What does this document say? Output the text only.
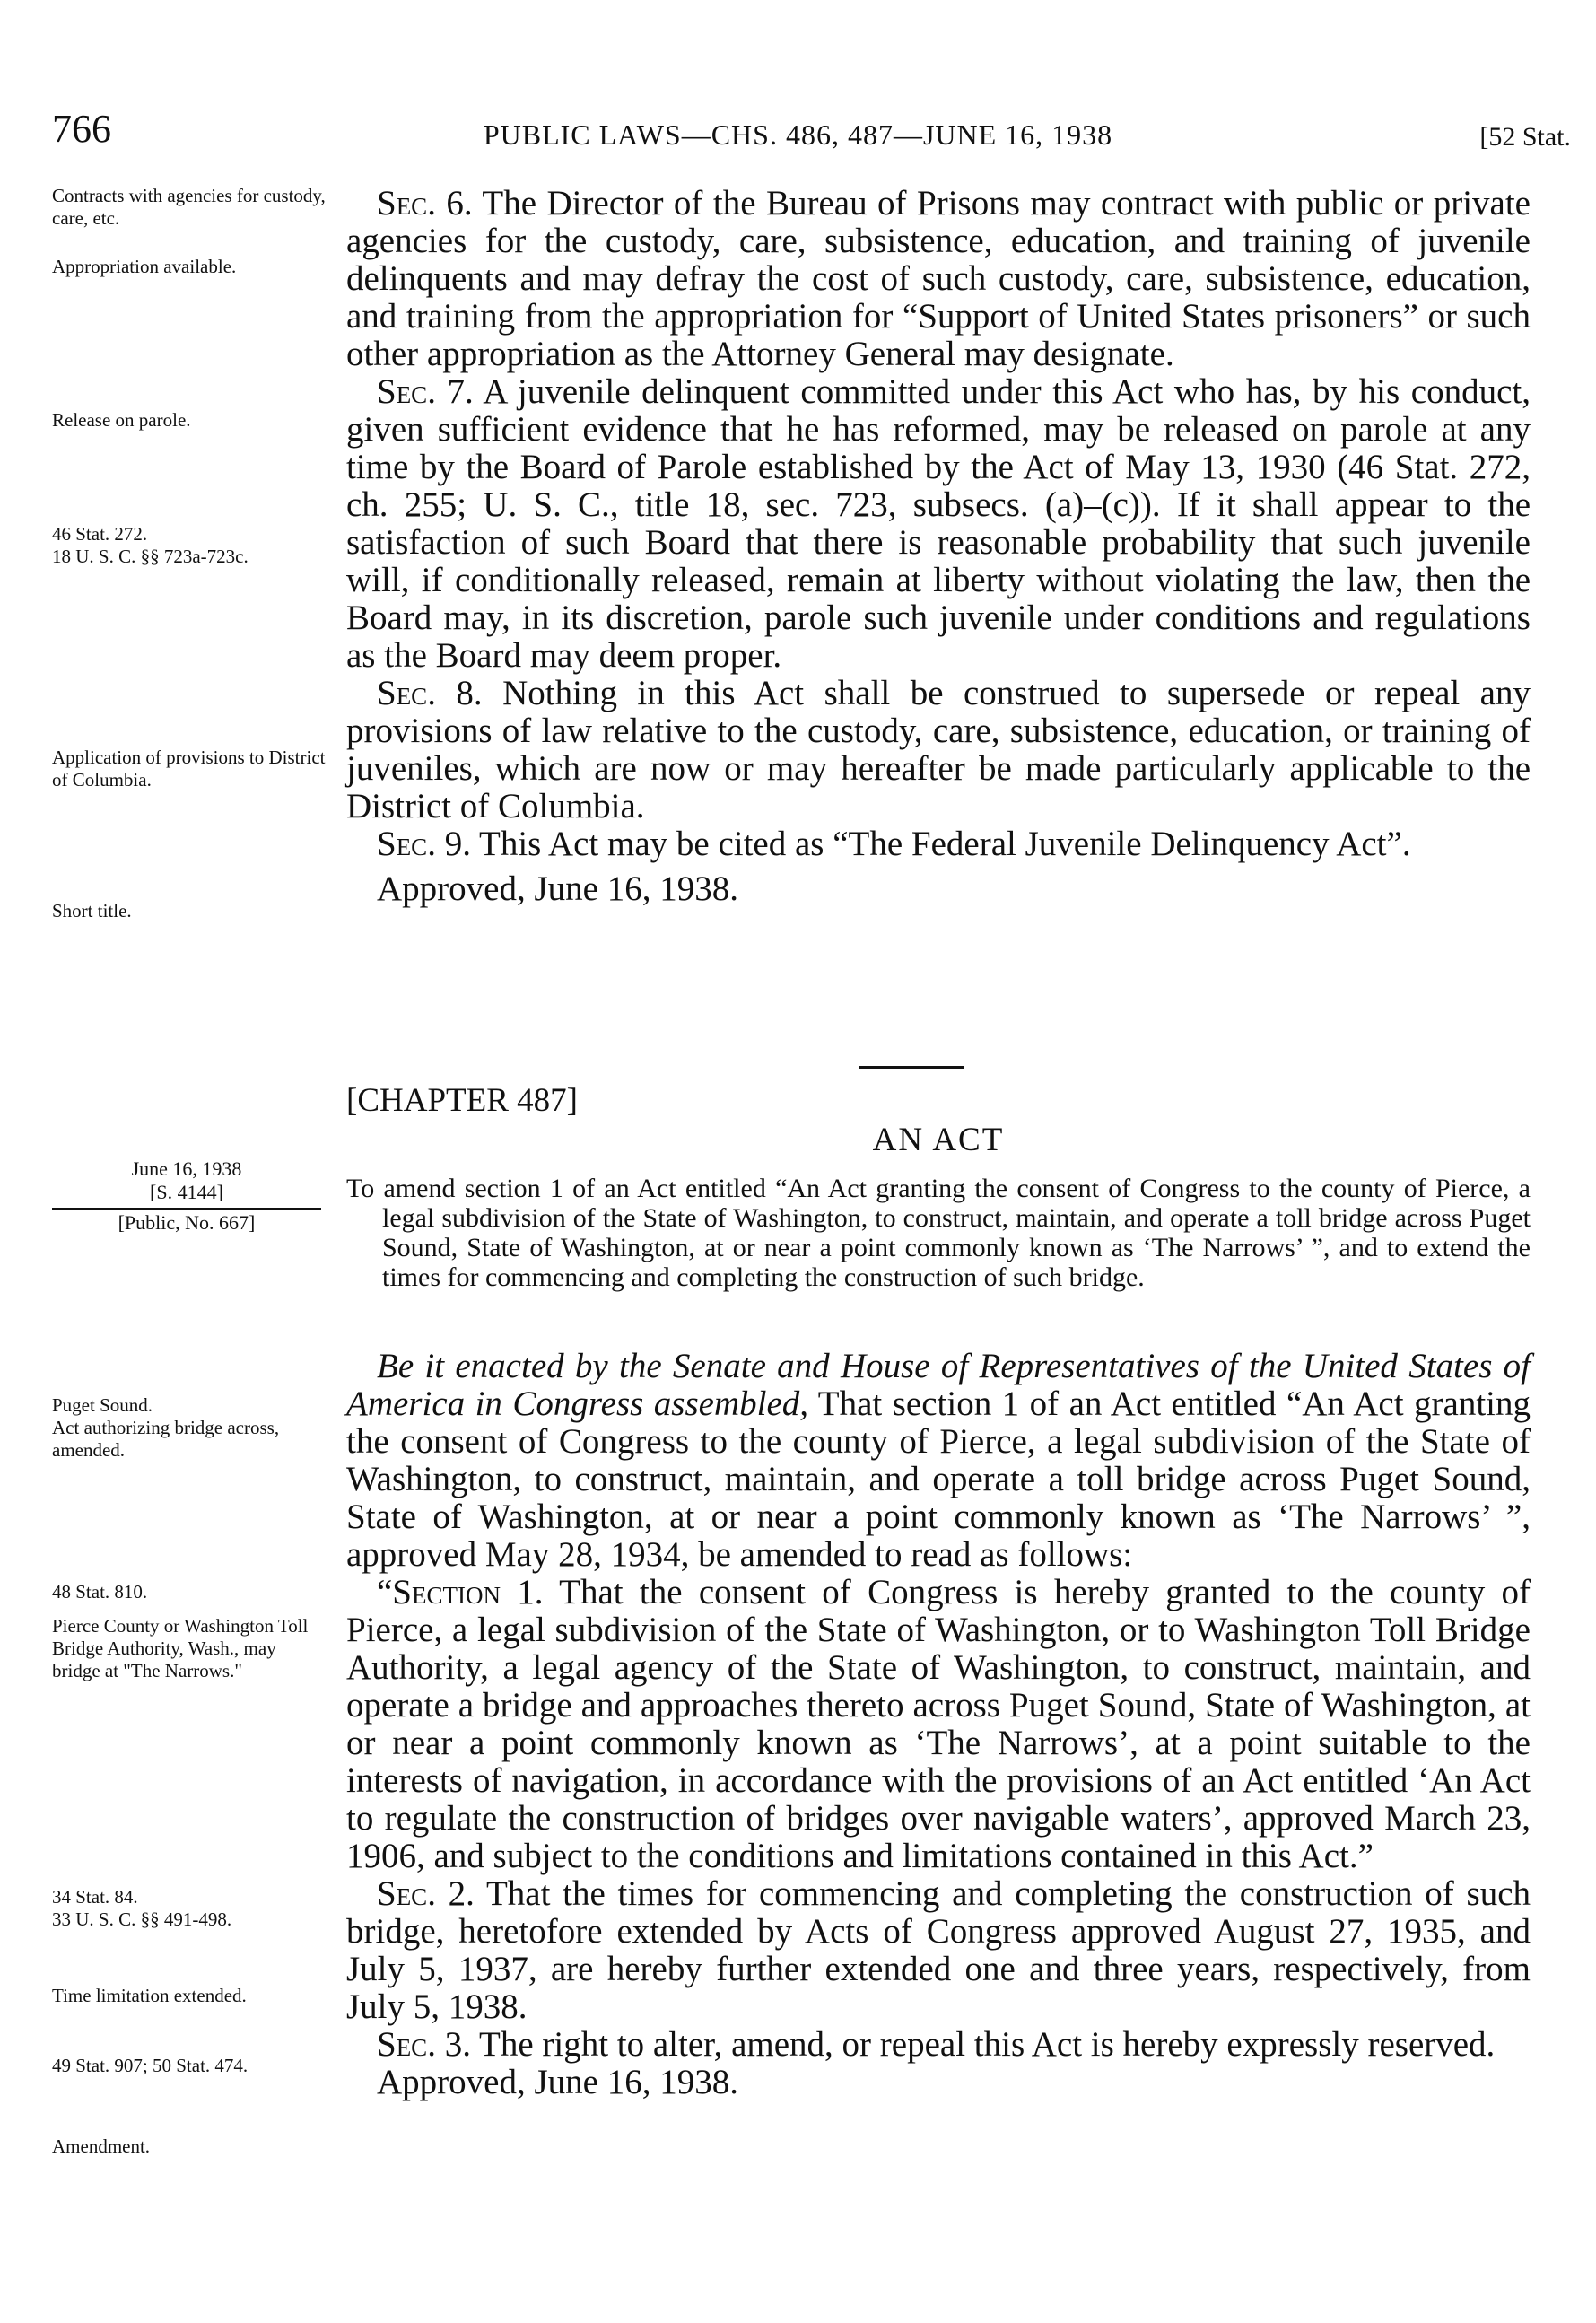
766	PUBLIC LAWS—CHS. 486, 487—JUNE 16, 1938	[52 Stat.
Contracts with agencies for custody, care, etc.
Appropriation available.
Release on parole.
46 Stat. 272.
18 U. S. C. §§ 723a-723c.
Application of provisions to District of Columbia.
Short title.

Sec. 6. The Director of the Bureau of Prisons may contract with public or private agencies for the custody, care, subsistence, education, and training of juvenile delinquents and may defray the cost of such custody, care, subsistence, education, and training from the appropriation for “Support of United States prisoners” or such other appropriation as the Attorney General may designate.

Sec. 7. A juvenile delinquent committed under this Act who has, by his conduct, given sufficient evidence that he has reformed, may be released on parole at any time by the Board of Parole established by the Act of May 13, 1930 (46 Stat. 272, ch. 255; U. S. C., title 18, sec. 723, subsecs. (a)–(c)). If it shall appear to the satisfaction of such Board that there is reasonable probability that such juvenile will, if conditionally released, remain at liberty without violating the law, then the Board may, in its discretion, parole such juvenile under conditions and regulations as the Board may deem proper.

Sec. 8. Nothing in this Act shall be construed to supersede or repeal any provisions of law relative to the custody, care, subsistence, education, or training of juveniles, which are now or may hereafter be made particularly applicable to the District of Columbia.

Sec. 9. This Act may be cited as “The Federal Juvenile Delinquency Act”.

Approved, June 16, 1938.

[CHAPTER 487]
AN ACT
June 16, 1938
[S. 4144]
[Public, No. 667]
To amend section 1 of an Act entitled “An Act granting the consent of Congress to the county of Pierce, a legal subdivision of the State of Washington, to construct, maintain, and operate a toll bridge across Puget Sound, State of Washington, at or near a point commonly known as ‘The Narrows’ ”, and to extend the times for commencing and completing the construction of such bridge.
Puget Sound.
Act authorizing bridge across, amended.
48 Stat. 810.
Pierce County or Washington Toll Bridge Authority, Wash., may bridge at "The Narrows."
34 Stat. 84.
33 U. S. C. §§ 491-498.
Time limitation extended.
49 Stat. 907; 50 Stat. 474.
Amendment.

Be it enacted by the Senate and House of Representatives of the United States of America in Congress assembled, That section 1 of an Act entitled “An Act granting the consent of Congress to the county of Pierce, a legal subdivision of the State of Washington, to construct, maintain, and operate a toll bridge across Puget Sound, State of Washington, at or near a point commonly known as ‘The Narrows’ ”, approved May 28, 1934, be amended to read as follows:

“Section 1. That the consent of Congress is hereby granted to the county of Pierce, a legal subdivision of the State of Washington, or to Washington Toll Bridge Authority, a legal agency of the State of Washington, to construct, maintain, and operate a bridge and approaches thereto across Puget Sound, State of Washington, at or near a point commonly known as ‘The Narrows’, at a point suitable to the interests of navigation, in accordance with the provisions of an Act entitled ‘An Act to regulate the construction of bridges over navigable waters’, approved March 23, 1906, and subject to the conditions and limitations contained in this Act.”

Sec. 2. That the times for commencing and completing the construction of such bridge, heretofore extended by Acts of Congress approved August 27, 1935, and July 5, 1937, are hereby further extended one and three years, respectively, from July 5, 1938.

Sec. 3. The right to alter, amend, or repeal this Act is hereby expressly reserved.

Approved, June 16, 1938.
